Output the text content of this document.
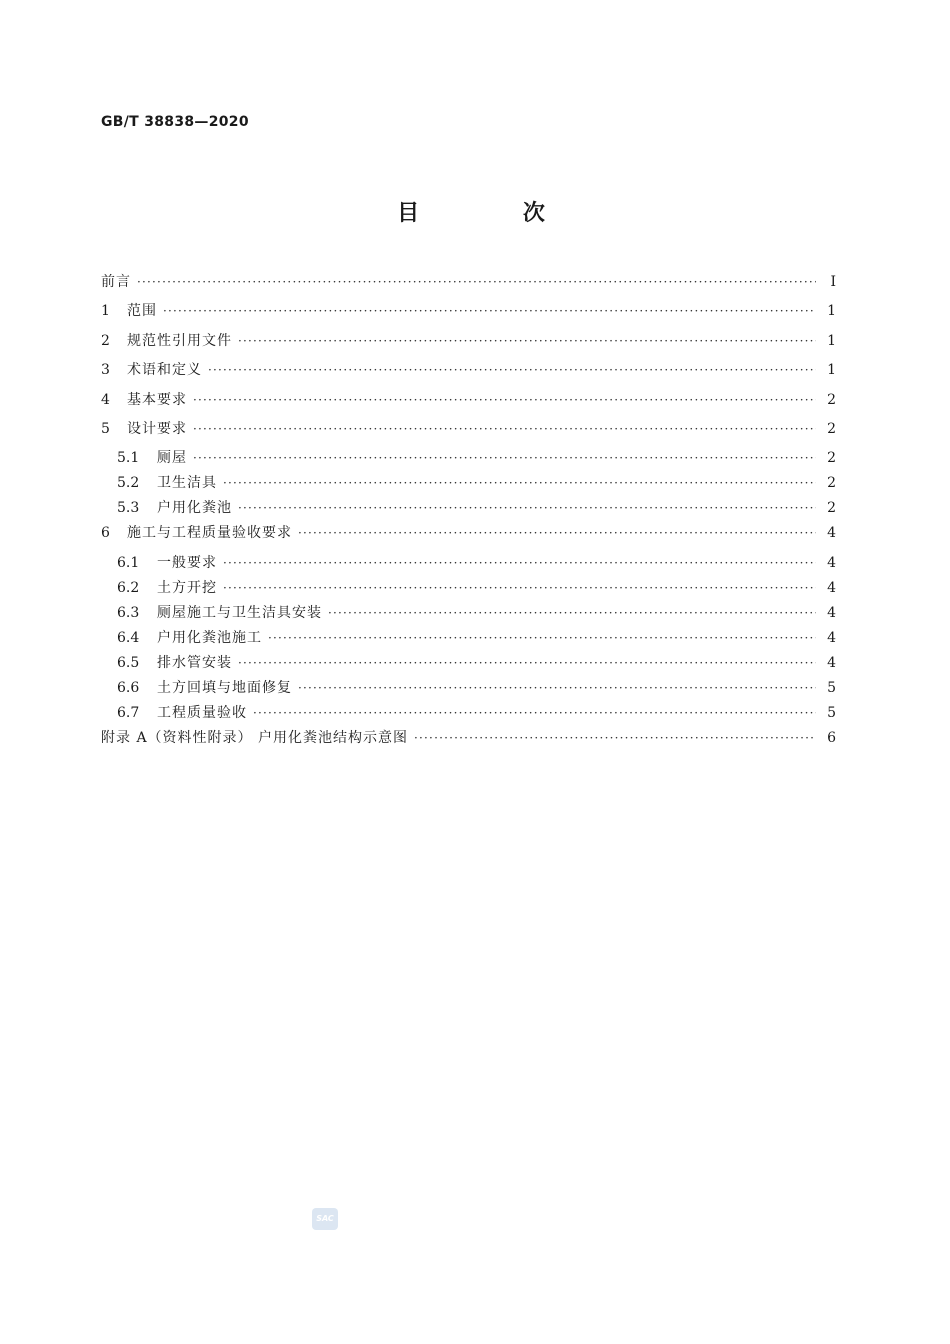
GB/T 38838—2020
目 次
前言 ·····	Ⅰ
1	范围 ·····	1
2	规范性引用文件 ·····	1
3	术语和定义 ·····	1
4	基本要求 ·····	2
5	设计要求 ·····	2
5.1	厕屋 ·····	2
5.2	卫生洁具 ·····	2
5.3	户用化粪池 ·····	2
6	施工与工程质量验收要求 ·····	4
6.1	一般要求 ·····	4
6.2	土方开挖 ·····	4
6.3	厕屋施工与卫生洁具安装 ·····	4
6.4	户用化粪池施工 ·····	4
6.5	排水管安装 ·····	4
6.6	土方回填与地面修复 ·····	5
6.7	工程质量验收 ·····	5
附录 A（资料性附录） 户用化粪池结构示意图 ·····	6
SAC
